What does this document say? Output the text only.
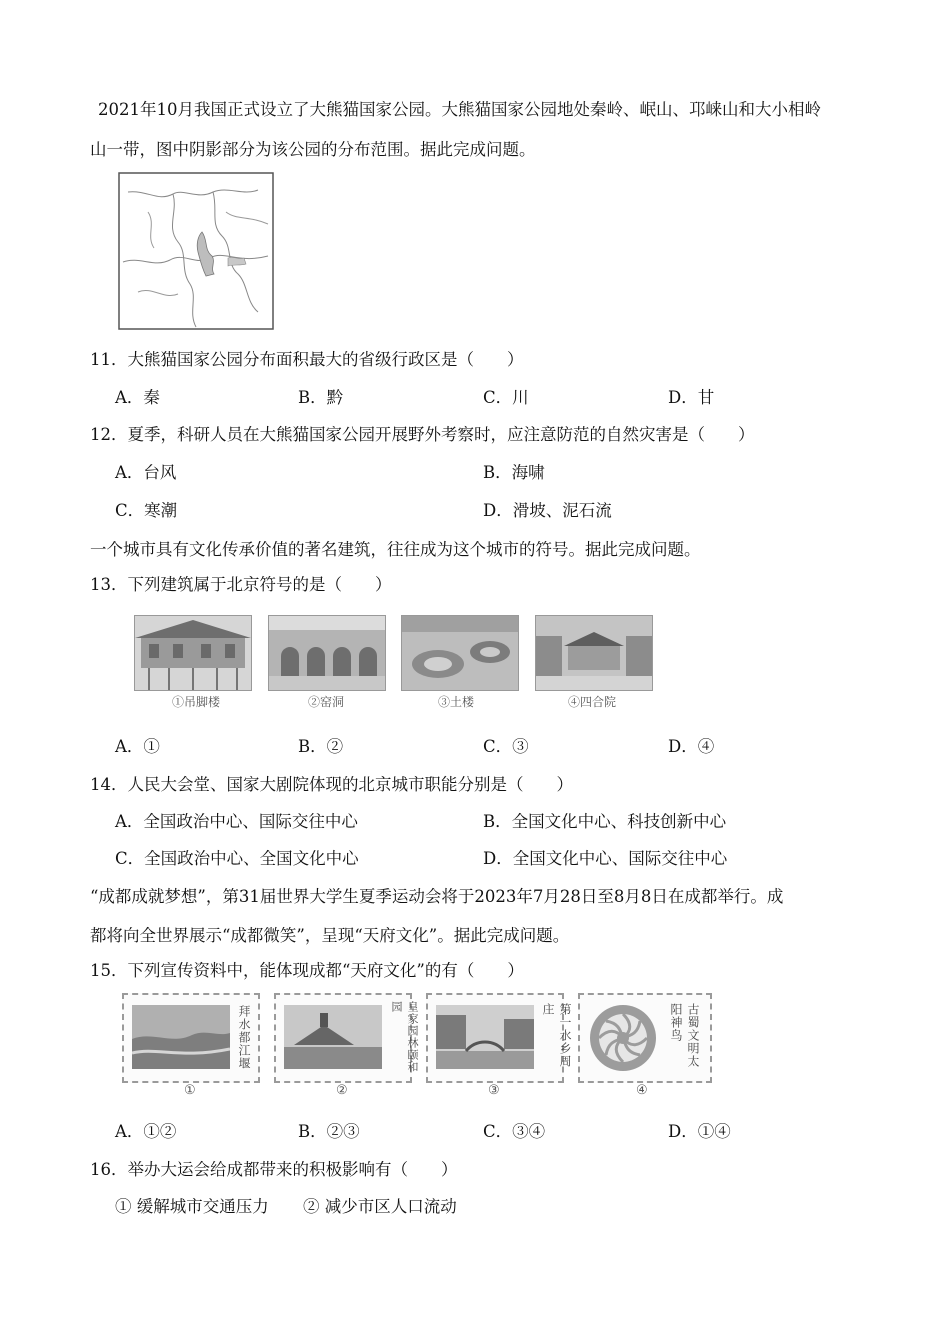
2021年10月我国正式设立了大熊猫国家公园。大熊猫国家公园地处秦岭、岷山、邛崃山和大小相岭
山一带，图中阴影部分为该公园的分布范围。据此完成问题。
11．大熊猫国家公园分布面积最大的省级行政区是（　　）
A．秦	B．黔	C．川	D．甘
12．夏季，科研人员在大熊猫国家公园开展野外考察时，应注意防范的自然灾害是（　　）
A．台风	B．海啸
C．寒潮	D．滑坡、泥石流
一个城市具有文化传承价值的著名建筑，往往成为这个城市的符号。据此完成问题。
13．下列建筑属于北京符号的是（　　）
①吊脚楼	②窑洞	③土楼	④四合院
A．①	B．②	C．③	D．④
14．人民大会堂、国家大剧院体现的北京城市职能分别是（　　）
A．全国政治中心、国际交往中心	B．全国文化中心、科技创新中心
C．全国政治中心、全国文化中心	D．全国文化中心、国际交往中心
“成都成就梦想”，第31届世界大学生夏季运动会将于2023年7月28日至8月8日在成都举行。成
都将向全世界展示“成都微笑”，呈现“天府文化”。据此完成问题。
15．下列宣传资料中，能体现成都“天府文化”的有（　　）
拜水都江堰
①
皇家园林颐和园
②
第一水乡周庄
③
古蜀文明太阳神鸟
④
A．①②	B．②③	C．③④	D．①④
16．举办大运会给成都带来的积极影响有（　　）
① 缓解城市交通压力 ② 减少市区人口流动
